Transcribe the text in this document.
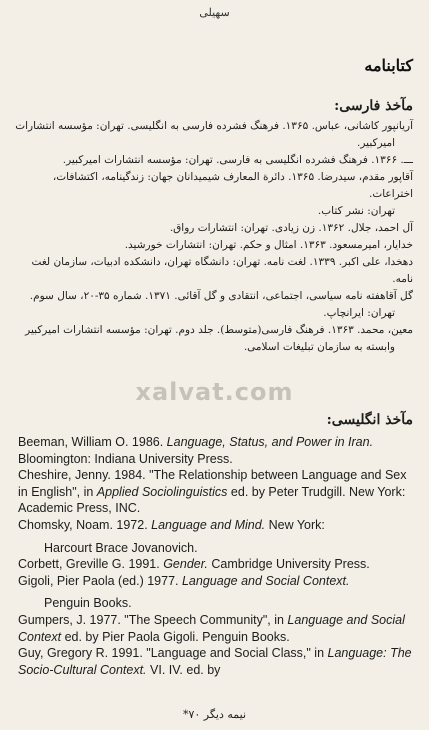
سهیلی
کتابنامه
مآخذ فارسی:
آریانپور کاشانی، عباس. ۱۳۶۵. فرهنگ فشرده فارسی به انگلیسی. تهران: مؤسسه انتشارات
امیرکبیر.
ـــ. ۱۳۶۶. فرهنگ فشرده انگلیسی به فارسی. تهران: مؤسسه انتشارات امیرکبیر.
آقاپور مقدم، سیدرضا. ۱۳۶۵. دائرة المعارف شیمیدانان جهان: زندگینامه، اکتشافات، اختراعات.
تهران: نشر کتاب.
آل احمد، جلال. ۱۳۶۲. زن زیادی. تهران: انتشارات رواق.
خدایار، امیرمسعود. ۱۳۶۳. امثال و حکم. تهران: انتشارات خورشید.
دهخدا، علی اکبر. ۱۳۳۹. لغت نامه. تهران: دانشگاه تهران، دانشکده ادبیات، سازمان لغت نامه.
گل آقاهفته نامه سیاسی، اجتماعی، انتقادی و گل آقائی. ۱۳۷۱. شماره ۳۵-۲۰، سال سوم.
تهران: ایرانچاپ.
معین، محمد. ۱۳۶۳. فرهنگ فارسی(متوسط). جلد دوم. تهران: مؤسسه انتشارات امیرکبیر
وابسته به سازمان تبلیغات اسلامی.
xalvat.com
مآخذ انگلیسی:
Beeman, William O. 1986. Language, Status, and Power in Iran. Bloomington: Indiana University Press.
Cheshire, Jenny. 1984. "The Relationship between Language and Sex in English", in Applied Sociolinguistics ed. by Peter Trudgill. New York: Academic Press, INC.
Chomsky, Noam. 1972. Language and Mind. New York:
Harcourt Brace Jovanovich.
Corbett, Greville G. 1991. Gender. Cambridge University Press.
Gigoli, Pier Paola (ed.) 1977. Language and Social Context.
Penguin Books.
Gumpers, J. 1977. "The Speech Community", in Language and Social Context ed. by Pier Paola Gigoli. Penguin Books.
Guy, Gregory R. 1991. "Language and Social Class," in Language: The Socio-Cultural Context. VI. IV. ed. by
نیمه دیگر ۷۰*
